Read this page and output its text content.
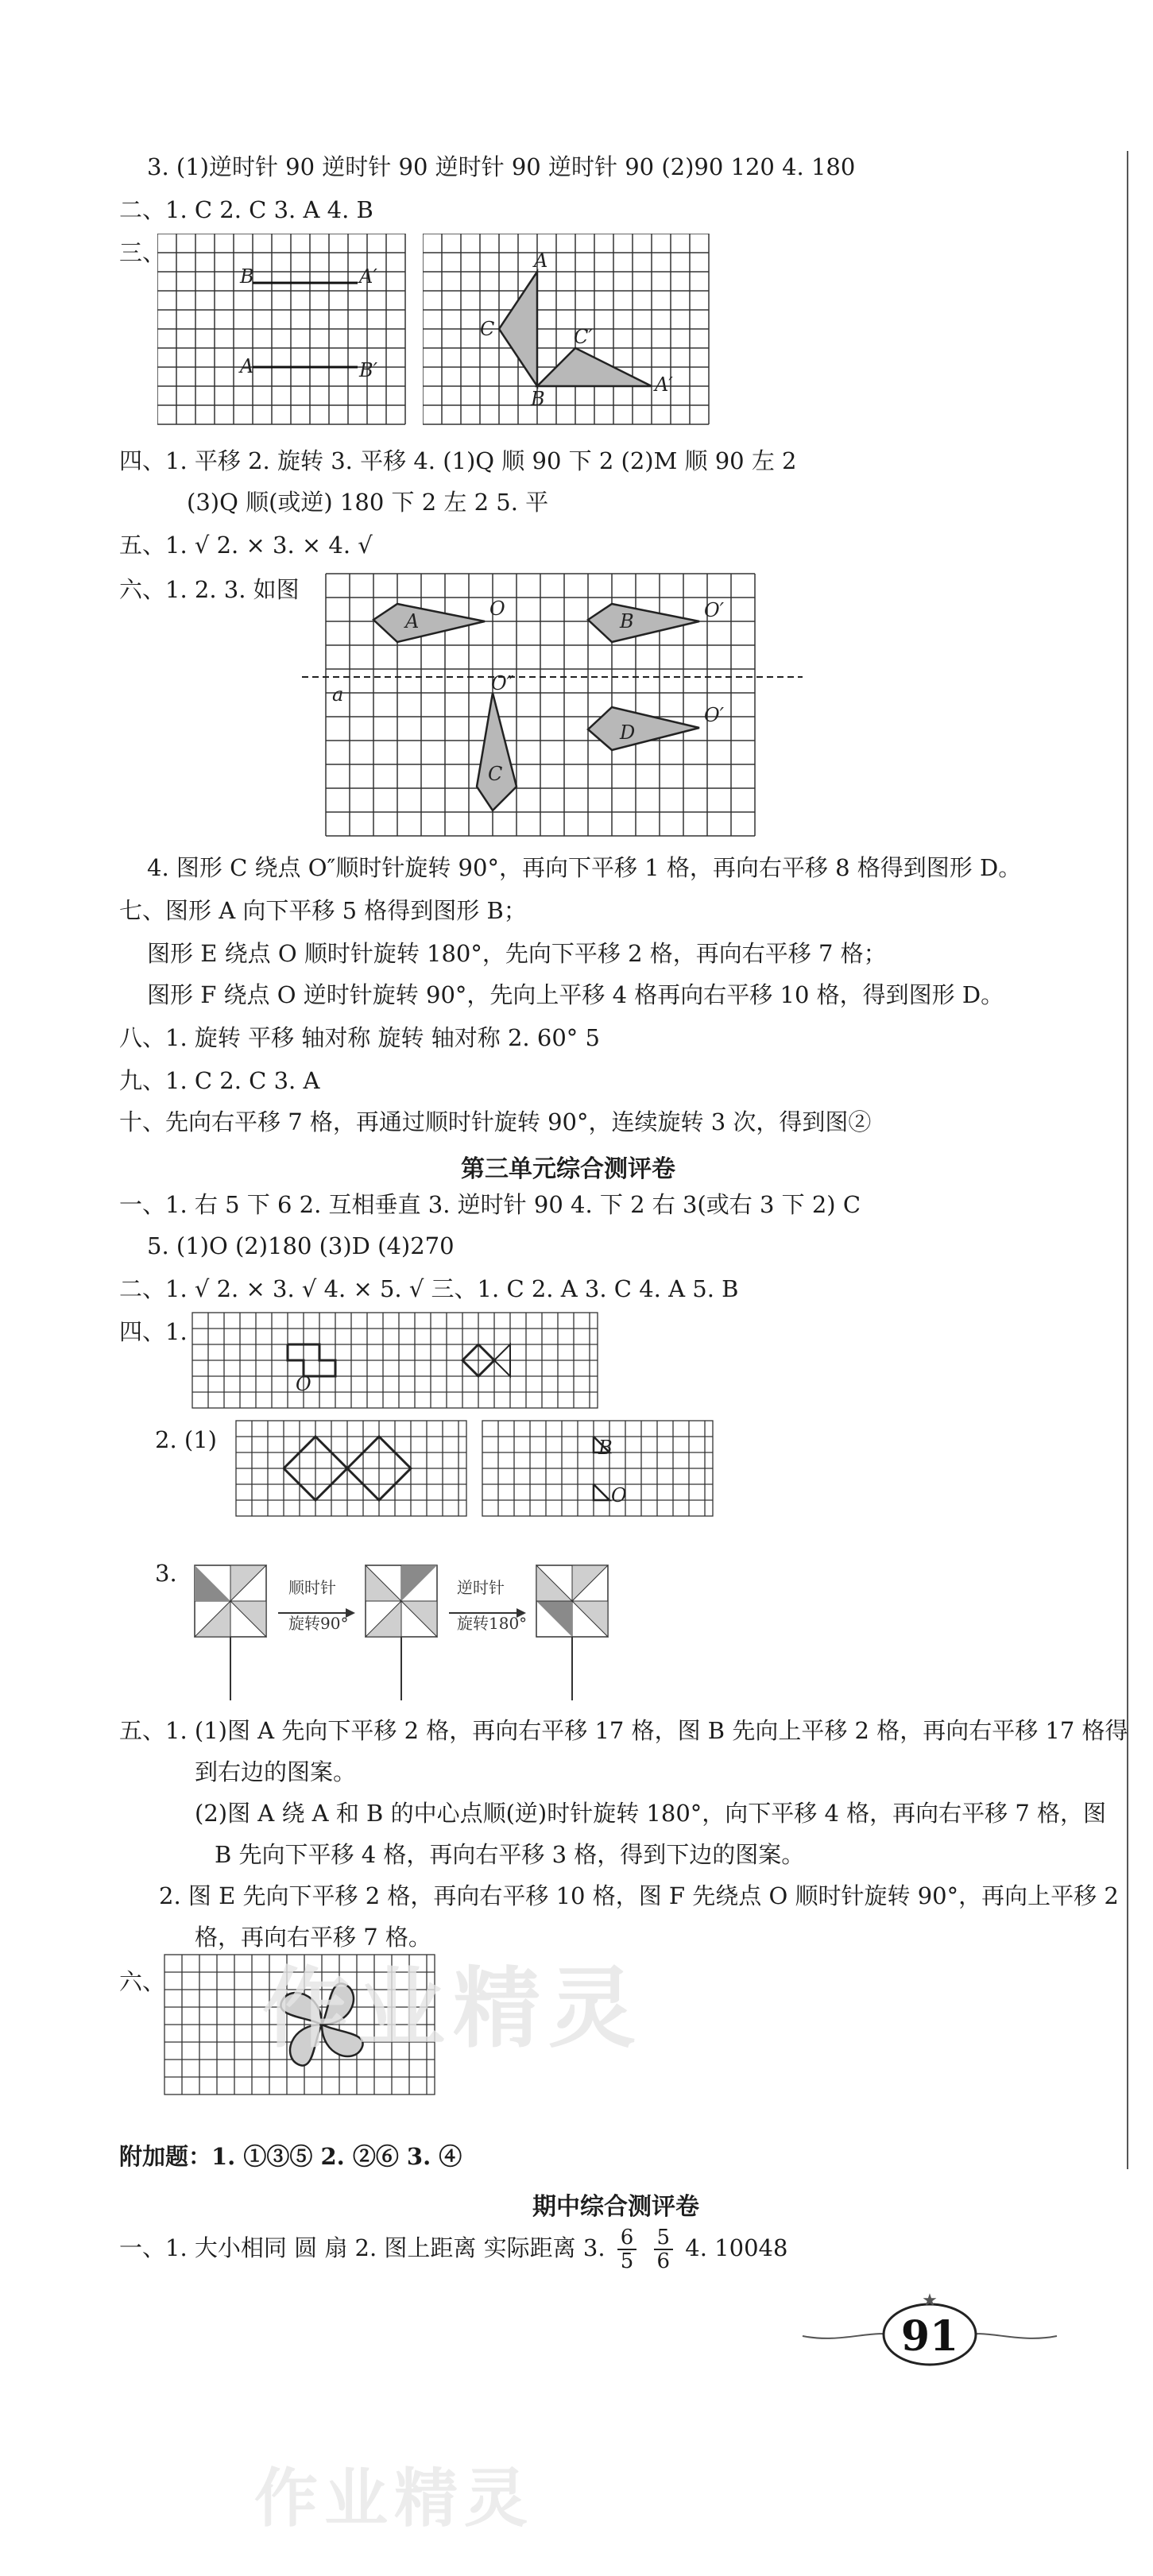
3. (1)逆时针 90 逆时针 90 逆时针 90 逆时针 90 (2)90 120 4. 180
二、1. C 2. C 3. A 4. B
三、
B	A′
A	B′
A
C	C′
B
A′
四、1. 平移 2. 旋转 3. 平移 4. (1)Q 顺 90 下 2 (2)M 顺 90 左 2
(3)Q 顺(或逆) 180 下 2 左 2 5. 平
五、1. √ 2. × 3. × 4. √
六、1. 2. 3. 如图
A
O
B	O′
a	O″
C
D
O′
4. 图形 C 绕点 O″顺时针旋转 90°，再向下平移 1 格，再向右平移 8 格得到图形 D。
七、图形 A 向下平移 5 格得到图形 B；
图形 E 绕点 O 顺时针旋转 180°，先向下平移 2 格，再向右平移 7 格；
图形 F 绕点 O 逆时针旋转 90°，先向上平移 4 格再向右平移 10 格，得到图形 D。
八、1. 旋转 平移 轴对称 旋转 轴对称 2. 60° 5
九、1. C 2. C 3. A
十、先向右平移 7 格，再通过顺时针旋转 90°，连续旋转 3 次，得到图②
第三单元综合测评卷
一、1. 右 5 下 6 2. 互相垂直 3. 逆时针 90 4. 下 2 右 3(或右 3 下 2) C
5. (1)O (2)180 (3)D (4)270
二、1. √ 2. × 3. √ 4. × 5. √ 三、1. C 2. A 3. C 4. A 5. B
四、1.
O
2. (1)	B
O
3.
顺时针
旋转90°
逆时针
旋转180°
五、1. (1)图 A 先向下平移 2 格，再向右平移 17 格，图 B 先向上平移 2 格，再向右平移 17 格得
到右边的图案。
(2)图 A 绕 A 和 B 的中心点顺(逆)时针旋转 180°，向下平移 4 格，再向右平移 7 格，图
B 先向下平移 4 格，再向右平移 3 格，得到下边的图案。
2. 图 E 先向下平移 2 格，再向右平移 10 格，图 F 先绕点 O 顺时针旋转 90°，再向上平移 2
格，再向右平移 7 格。
六、
附加题：1. ①③⑤ 2. ②⑥ 3. ④
期中综合测评卷
一、1. 大小相同 圆 扇 2. 图上距离 实际距离 3. $\frac{6}{5}$
$\frac{5}{6} 4$. 10048
★
91
作业精灵
作业精灵
